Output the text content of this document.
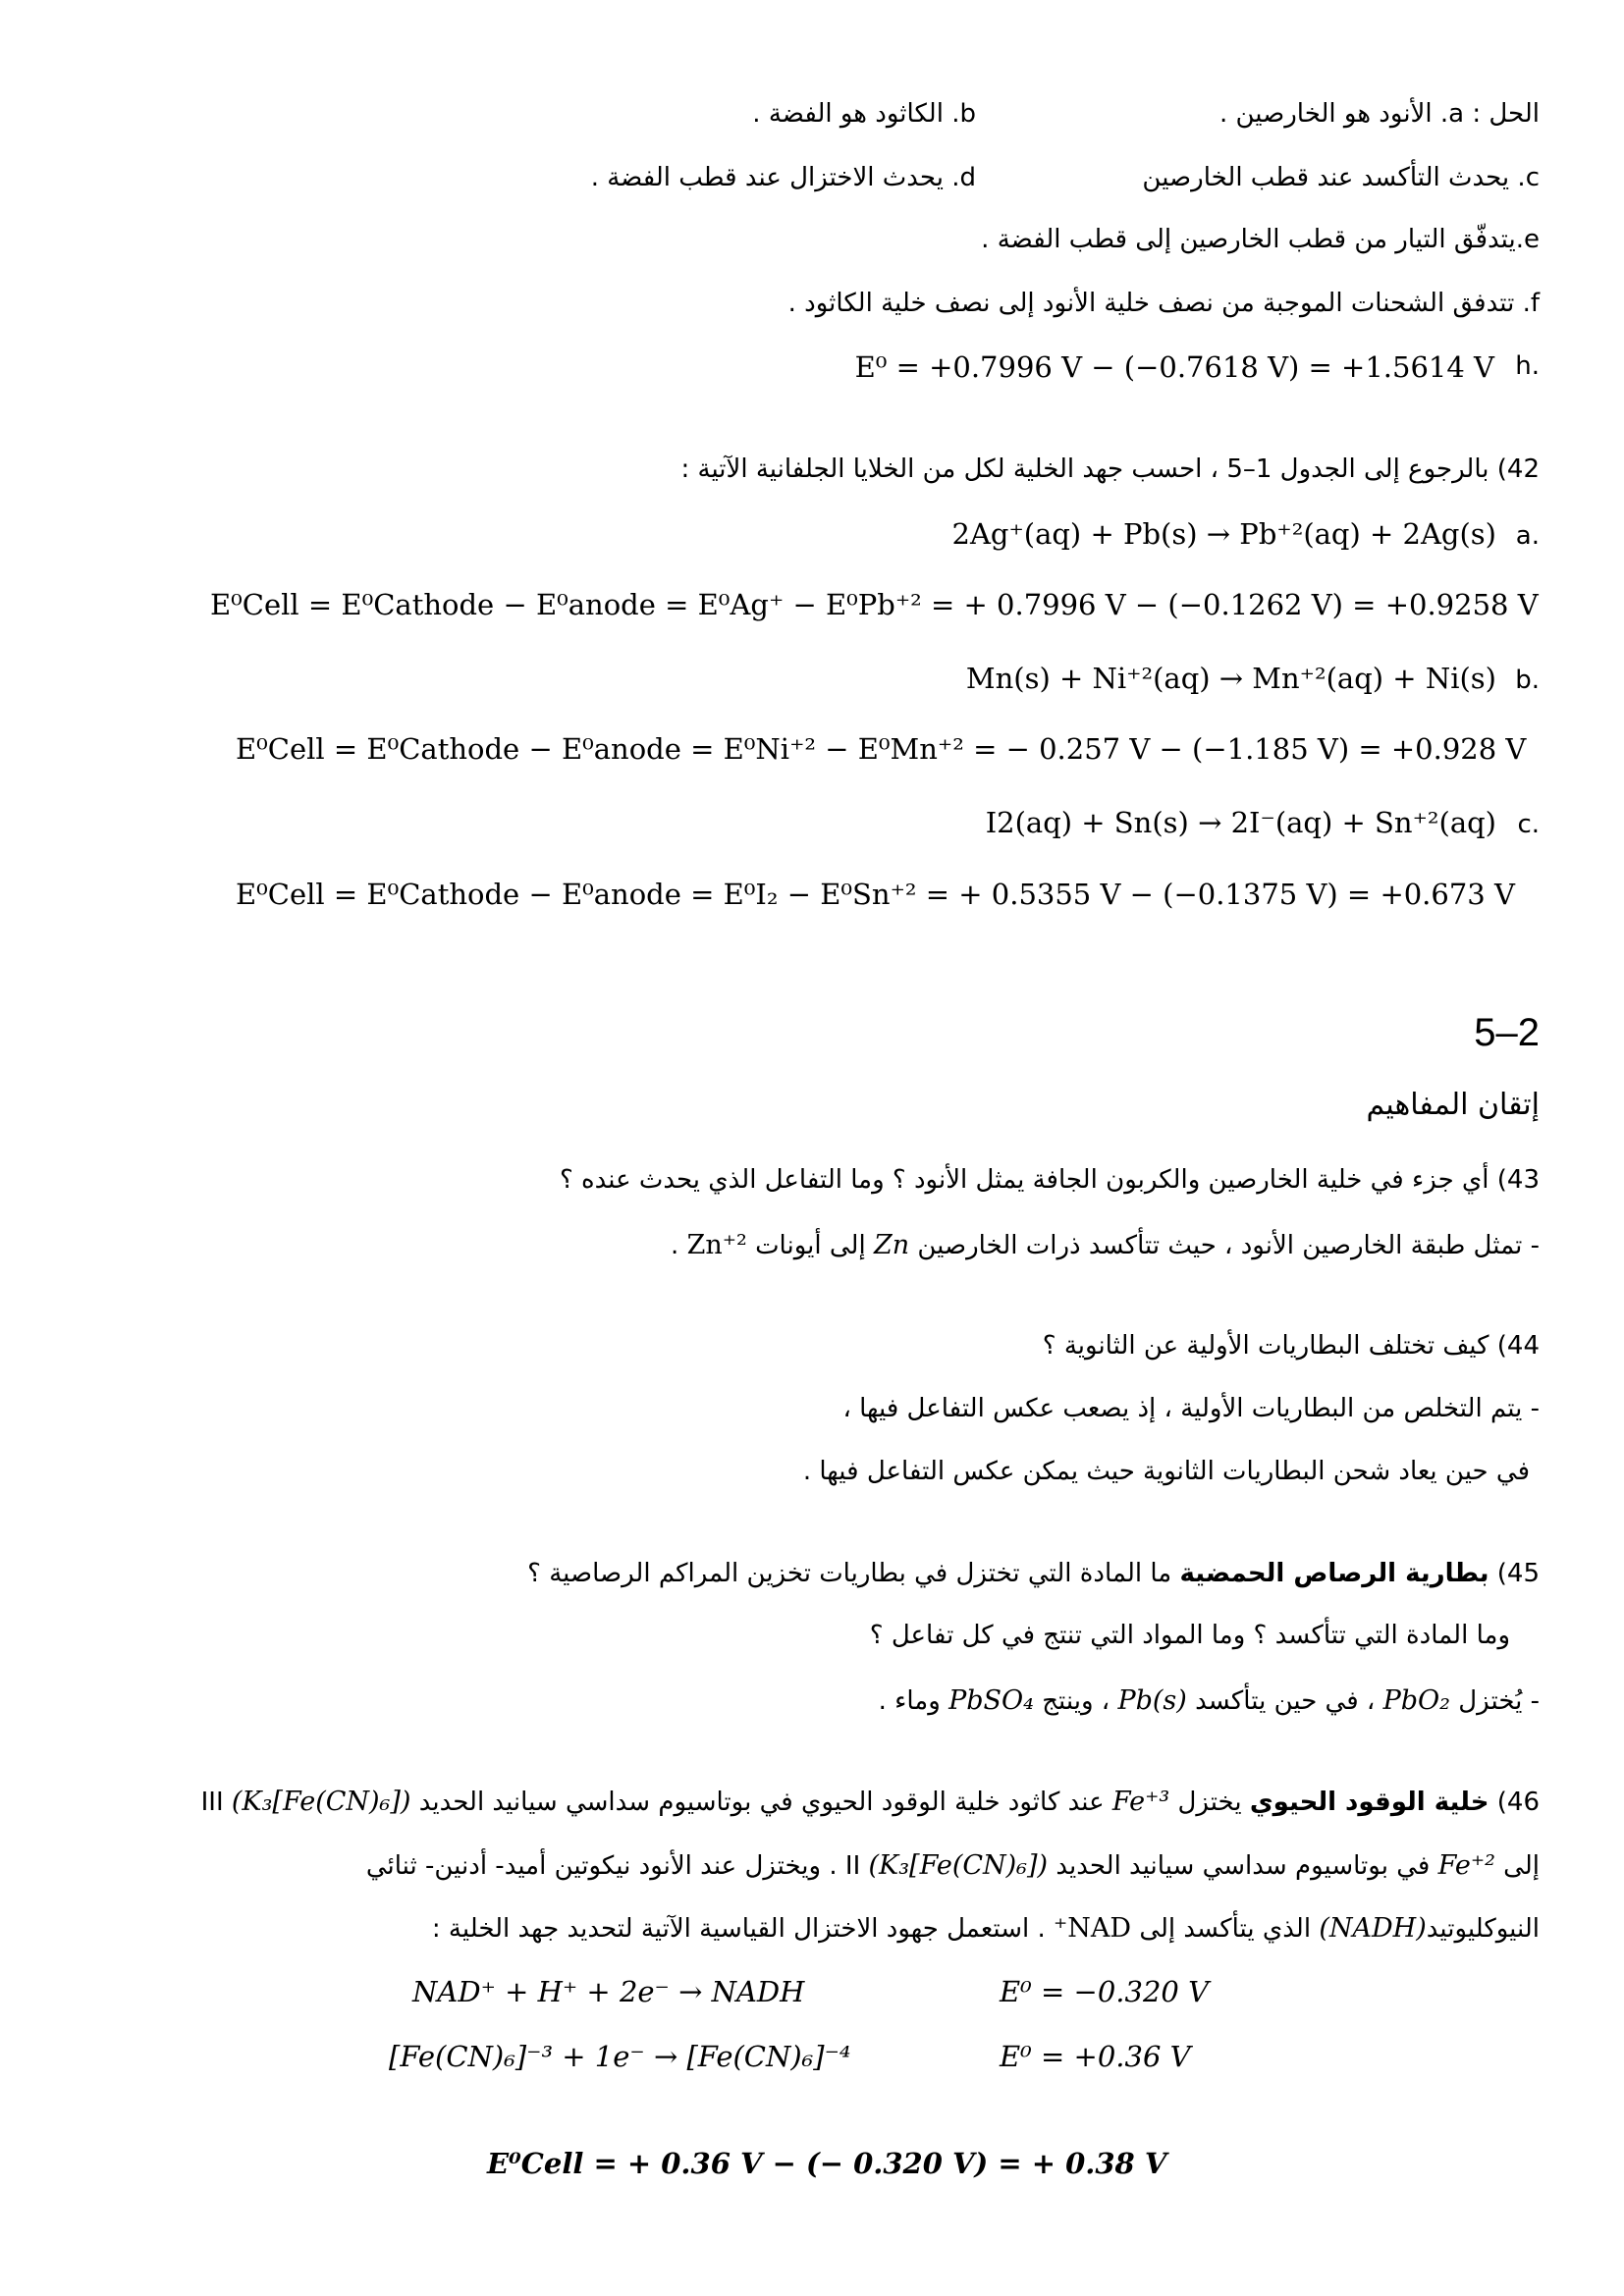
الحل : a. الأنود هو الخارصين .
b. الكاثود هو الفضة .
c. يحدث التأكسد عند قطب الخارصين
d. يحدث الاختزال عند قطب الفضة .
e.يتدفّق التيار من قطب الخارصين إلى قطب الفضة .
f. تتدفق الشحنات الموجبة من نصف خلية الأنود إلى نصف خلية الكاثود .
.h
E⁰ = +0.7996 V − (−0.7618 V) = +1.5614 V
42) بالرجوع إلى الجدول 1–5 ، احسب جهد الخلية لكل من الخلايا الجلفانية الآتية :
.a
2Ag⁺(aq) + Pb(s) → Pb⁺²(aq) + 2Ag(s)
E⁰Cell = E⁰Cathode − E⁰anode = E⁰Ag⁺ − E⁰Pb⁺² = + 0.7996 V − (−0.1262 V) = +0.9258 V
.b
Mn(s) + Ni⁺²(aq) → Mn⁺²(aq) + Ni(s)
E⁰Cell = E⁰Cathode − E⁰anode = E⁰Ni⁺² − E⁰Mn⁺² = − 0.257 V − (−1.185 V) = +0.928 V
.c
I2(aq) + Sn(s) → 2I⁻(aq) + Sn⁺²(aq)
E⁰Cell = E⁰Cathode − E⁰anode = E⁰I₂ − E⁰Sn⁺² = + 0.5355 V − (−0.1375 V) = +0.673 V
5–2
إتقان المفاهيم
43) أي جزء في خلية الخارصين والكربون الجافة يمثل الأنود ؟ وما التفاعل الذي يحدث عنده ؟
- تمثل طبقة الخارصين الأنود ، حيث تتأكسد ذرات الخارصين Zn إلى أيونات Zn⁺² .
44) كيف تختلف البطاريات الأولية عن الثانوية ؟
- يتم التخلص من البطاريات الأولية ، إذ يصعب عكس التفاعل فيها ،
في حين يعاد شحن البطاريات الثانوية حيث يمكن عكس التفاعل فيها .
45) بطارية الرصاص الحمضية ما المادة التي تختزل في بطاريات تخزين المراكم الرصاصية ؟
وما المادة التي تتأكسد ؟ وما المواد التي تنتج في كل تفاعل ؟
- يُختزل PbO₂ ، في حين يتأكسد Pb(s) ، وينتج PbSO₄ وماء .
46) خلية الوقود الحيوي يختزل Fe⁺³ عند كاثود خلية الوقود الحيوي في بوتاسيوم سداسي سيانيد الحديد III (K₃[Fe(CN)₆])
إلى Fe⁺² في بوتاسيوم سداسي سيانيد الحديد II (K₃[Fe(CN)₆]) . ويختزل عند الأنود نيكوتين أميد- أدنين- ثنائي
النيوكليوتيد(NADH) الذي يتأكسد إلى NAD⁺ . استعمل جهود الاختزال القياسية الآتية لتحديد جهد الخلية :
NAD⁺ + H⁺ + 2e⁻ → NADH	E⁰ = −0.320 V
[Fe(CN)₆]⁻³ + 1e⁻ → [Fe(CN)₆]⁻⁴	E⁰ = +0.36 V
E⁰Cell = + 0.36 V − (− 0.320 V) = + 0.38 V
